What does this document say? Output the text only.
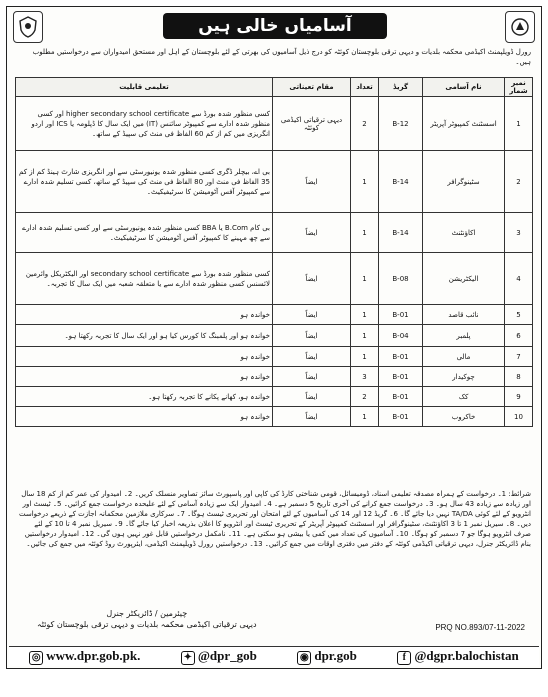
آسامیاں خالی ہیں
رورل ڈویلپمنٹ اکیڈمی محکمہ بلدیات و دیہی ترقی بلوچستان کوئٹہ کو درج ذیل آسامیوں کی بھرتی کے لئے بلوچستان کے اہل اور مستحق امیدواران سے درخواستیں مطلوب ہیں۔
نمبر شمار	نام آسامی	گریڈ	تعداد	مقام تعیناتی	تعلیمی قابلیت
1	اسسٹنٹ کمپیوٹر آپریٹر	B-12	2	دیہی ترقیاتی اکیڈمی کوئٹہ	کسی منظور شدہ بورڈ سے higher secondary school certificate اور کسی منظور شدہ ادارے سے کمپیوٹر سائنس (IT) میں ایک سال کا ڈپلومہ یا ICS اور اردو انگریزی میں کم از کم 60 الفاظ فی منٹ کی سپیڈ کے ساتھ۔
2	سٹینوگرافر	B-14	1	ایضاً	بی اے، بیچلر ڈگری کسی منظور شدہ یونیورسٹی سے اور انگریزی شارٹ ہینڈ کم از کم 35 الفاظ فی منٹ اور 80 الفاظ فی منٹ کی سپیڈ کے ساتھ، کسی تسلیم شدہ ادارے سے کمپیوٹر آفس آٹومیشن کا سرٹیفیکیٹ۔
3	اکاؤنٹنٹ	B-14	1	ایضاً	بی کام B.Com یا BBA کسی منظور شدہ یونیورسٹی سے اور کسی تسلیم شدہ ادارے سے چھ مہینے کا کمپیوٹر آفس آٹومیشن کا سرٹیفیکیٹ۔
4	الیکٹریشن	B-08	1	ایضاً	کسی منظور شدہ بورڈ سے secondary school certificate اور الیکٹریکل وائرمین لائسنس کسی منظور شدہ ادارے سے یا متعلقہ شعبہ میں ایک سال کا تجربہ۔
5	نائب قاصد	B-01	1	ایضاً	خواندہ ہو
6	پلمبر	B-04	1	ایضاً	خواندہ ہو اور پلمبنگ کا کورس کیا ہو اور ایک سال کا تجربہ رکھتا ہو۔
7	مالی	B-01	1	ایضاً	خواندہ ہو
8	چوکیدار	B-01	3	ایضاً	خواندہ ہو
9	کک	B-01	2	ایضاً	خواندہ ہو، کھانے پکانے کا تجربہ رکھتا ہو۔
10	خاکروب	B-01	1	ایضاً	خواندہ ہو
شرائط: 1۔ درخواست کے ہمراہ مصدقہ تعلیمی اسناد، ڈومیسائل، قومی شناختی کارڈ کی کاپی اور پاسپورٹ سائز تصاویر منسلک کریں۔ 2۔ امیدوار کی عمر کم از کم 18 سال اور زیادہ سے زیادہ 43 سال ہو۔ 3۔ درخواست جمع کرانے کی آخری تاریخ 5 دسمبر ہے۔ 4۔ امیدوار ایک سے زیادہ آسامی کے لئے علیحدہ درخواست جمع کرائیں۔ 5۔ ٹیسٹ اور انٹرویو کے لئے کوئی TA/DA نہیں دیا جائے گا۔ 6۔ گریڈ 12 اور 14 کی آسامیوں کے لئے امتحان اور تحریری ٹیسٹ ہوگا۔ 7۔ سرکاری ملازمین محکمانہ اجازت کے ذریعے درخواست دیں۔ 8۔ سیریل نمبر 1 تا 3 اکاؤنٹنٹ، سٹینوگرافر اور اسسٹنٹ کمپیوٹر آپریٹر کے تحریری ٹیسٹ اور انٹرویو کا اعلان بذریعہ اخبار کیا جائے گا۔ 9۔ سیریل نمبر 4 تا 10 کے لئے صرف انٹرویو ہوگا جو 7 دسمبر کو ہوگا۔ 10۔ آسامیوں کی تعداد میں کمی یا بیشی ہو سکتی ہے۔ 11۔ نامکمل درخواستیں قابل غور نہیں ہوں گی۔ 12۔ امیدوار درخواستیں بنام ڈائریکٹر جنرل، دیہی ترقیاتی اکیڈمی کوئٹہ کے دفتر میں دفتری اوقات میں جمع کرائیں۔ 13۔ درخواستیں رورل ڈویلپمنٹ اکیڈمی، ایئرپورٹ روڈ کوئٹہ میں جمع کی جائیں۔
چیئرمین / ڈائریکٹر جنرل
دیہی ترقیاتی اکیڈمی محکمہ بلدیات و دیہی ترقی بلوچستان کوئٹہ	PRQ NO.893/07-11-2022
◎ www.dpr.gob.pk.	✦ @dpr_gob	◉ dpr.gob	f @dgpr.balochistan
